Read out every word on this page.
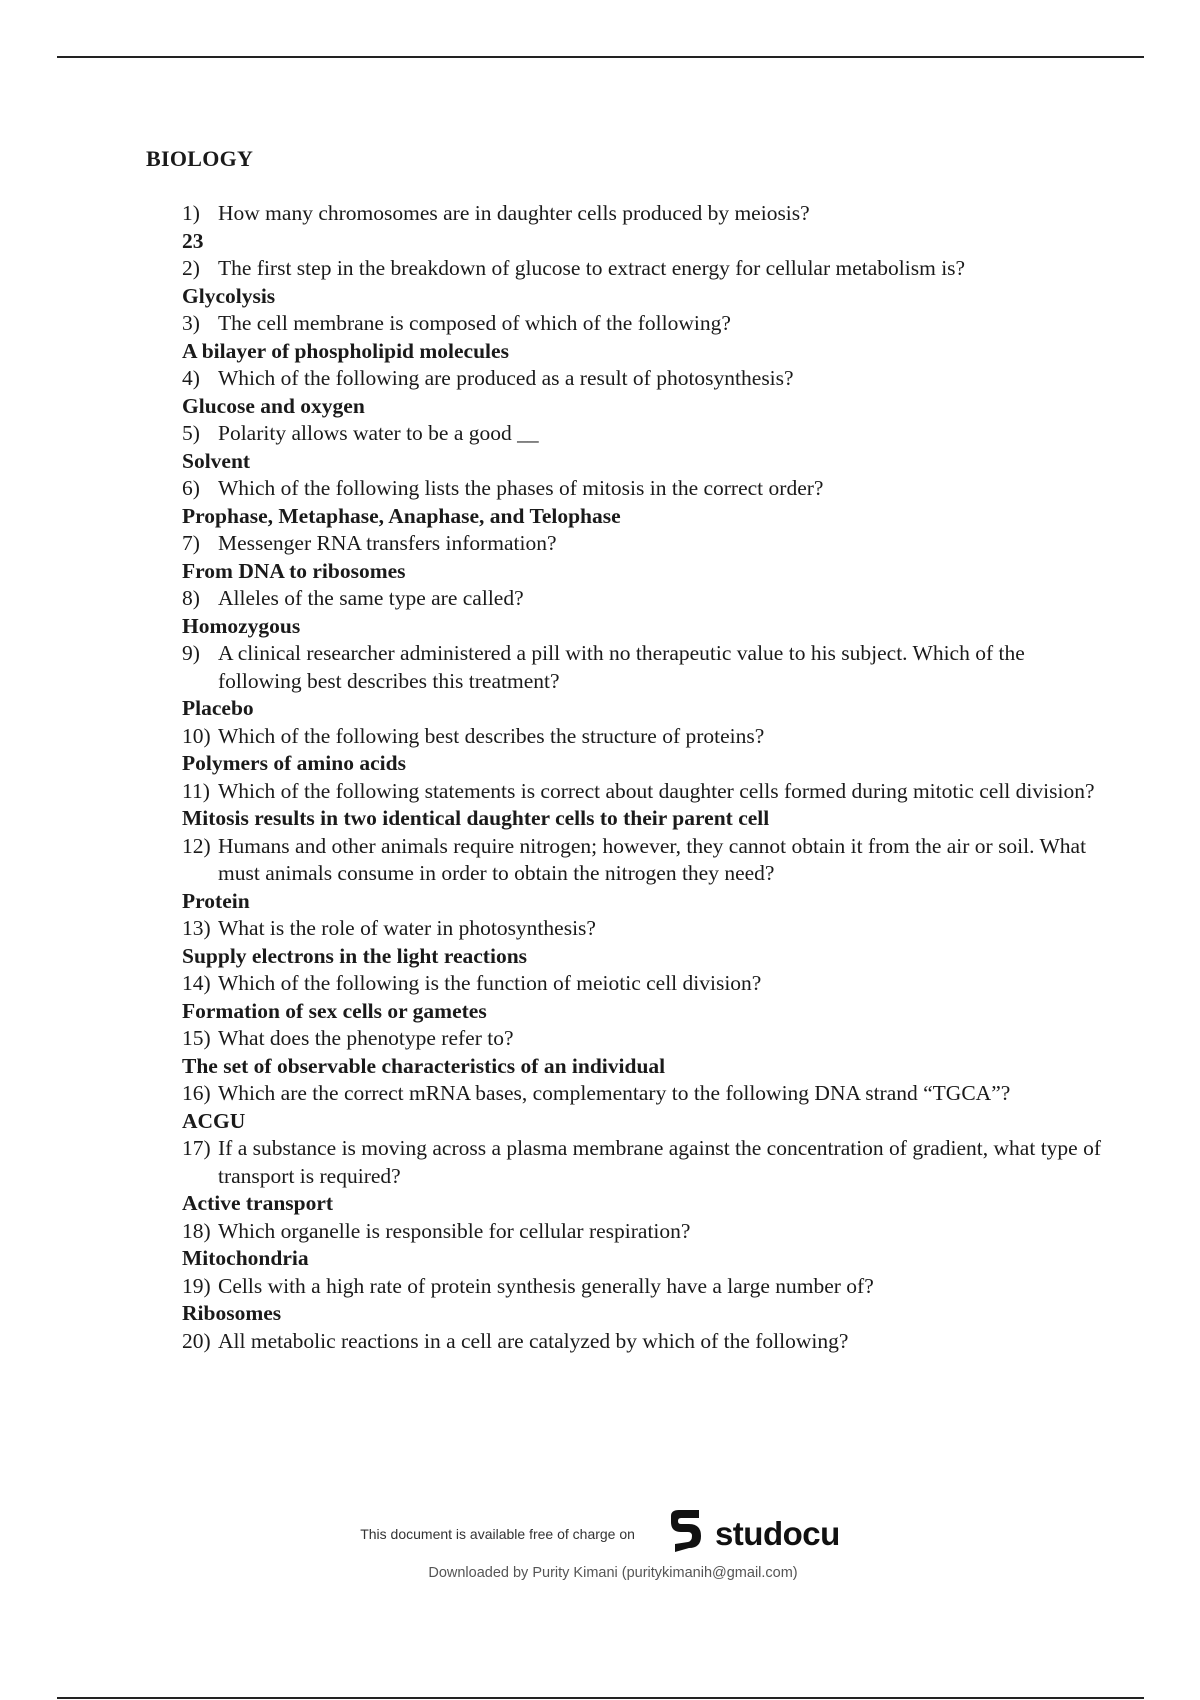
BIOLOGY
1) How many chromosomes are in daughter cells produced by meiosis?
23
2) The first step in the breakdown of glucose to extract energy for cellular metabolism is?
Glycolysis
3) The cell membrane is composed of which of the following?
A bilayer of phospholipid molecules
4) Which of the following are produced as a result of photosynthesis?
Glucose and oxygen
5) Polarity allows water to be a good __
Solvent
6) Which of the following lists the phases of mitosis in the correct order?
Prophase, Metaphase, Anaphase, and Telophase
7) Messenger RNA transfers information?
From DNA to ribosomes
8) Alleles of the same type are called?
Homozygous
9) A clinical researcher administered a pill with no therapeutic value to his subject. Which of the following best describes this treatment?
Placebo
10) Which of the following best describes the structure of proteins?
Polymers of amino acids
11) Which of the following statements is correct about daughter cells formed during mitotic cell division?
Mitosis results in two identical daughter cells to their parent cell
12) Humans and other animals require nitrogen; however, they cannot obtain it from the air or soil. What must animals consume in order to obtain the nitrogen they need?
Protein
13) What is the role of water in photosynthesis?
Supply electrons in the light reactions
14) Which of the following is the function of meiotic cell division?
Formation of sex cells or gametes
15) What does the phenotype refer to?
The set of observable characteristics of an individual
16) Which are the correct mRNA bases, complementary to the following DNA strand “TGCA”?
ACGU
17) If a substance is moving across a plasma membrane against the concentration of gradient, what type of transport is required?
Active transport
18) Which organelle is responsible for cellular respiration?
Mitochondria
19) Cells with a high rate of protein synthesis generally have a large number of?
Ribosomes
20) All metabolic reactions in a cell are catalyzed by which of the following?
This document is available free of charge on studocu
Downloaded by Purity Kimani (puritykimanih@gmail.com)
